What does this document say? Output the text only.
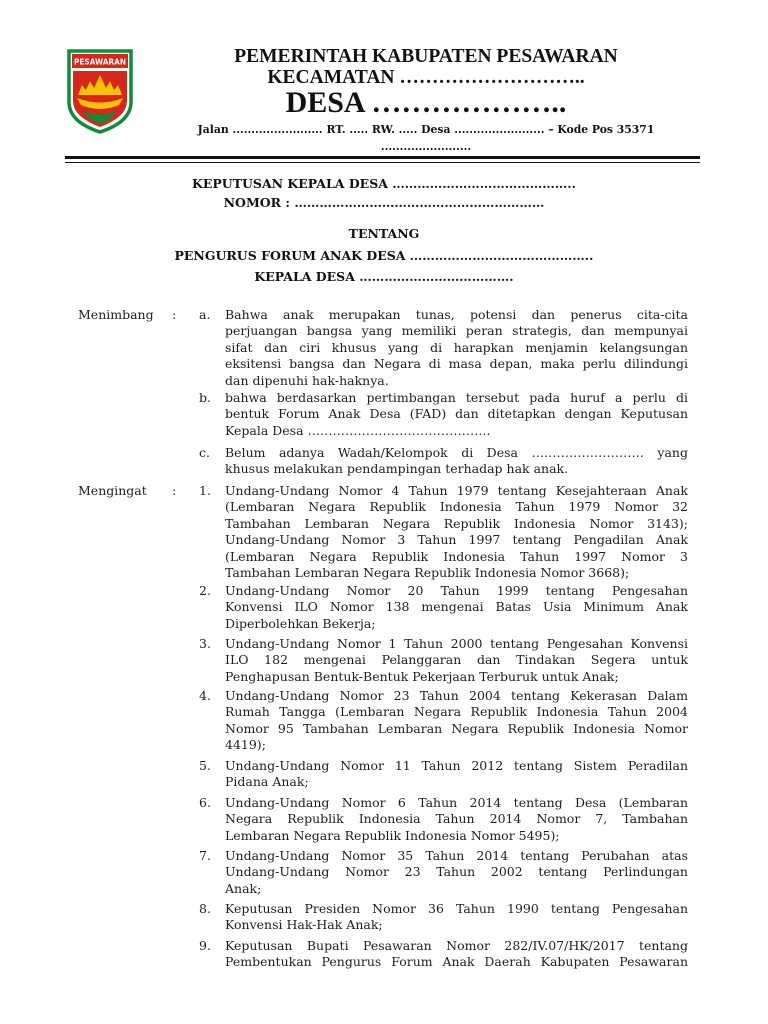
PESAWARAN	PEMERINTAH KABUPATEN PESAWARAN
KECAMATAN ………………………..
DESA ………………..
Jalan ........................ RT. ..... RW. ..... Desa ........................ – Kode Pos 35371
........................
KEPUTUSAN KEPALA DESA ……………………………………..
NOMOR : ……………………………………………………
TENTANG
PENGURUS FORUM ANAK DESA ……………………………………..
KEPALA DESA ……………………………….
Menimbang : a. Bahwa anak merupakan tunas, potensi dan penerus cita-cita
perjuangan bangsa yang memiliki peran strategis, dan mempunyai
sifat dan ciri khusus yang di harapkan menjamin kelangsungan
eksitensi bangsa dan Negara di masa depan, maka perlu dilindungi
dan dipenuhi hak-haknya.
b. bahwa berdasarkan pertimbangan tersebut pada huruf a perlu di
bentuk Forum Anak Desa (FAD) dan ditetapkan dengan Keputusan
Kepala Desa ……………………………………..
c. Belum adanya Wadah/Kelompok di Desa ……………………… yang
khusus melakukan pendampingan terhadap hak anak.
Mengingat : 1. Undang-Undang Nomor 4 Tahun 1979 tentang Kesejahteraan Anak
(Lembaran Negara Republik Indonesia Tahun 1979 Nomor 32
Tambahan Lembaran Negara Republik Indonesia Nomor 3143);
Undang-Undang Nomor 3 Tahun 1997 tentang Pengadilan Anak
(Lembaran Negara Republik Indonesia Tahun 1997 Nomor 3
Tambahan Lembaran Negara Republik Indonesia Nomor 3668);
2. Undang-Undang Nomor 20 Tahun 1999 tentang Pengesahan
Konvensi ILO Nomor 138 mengenai Batas Usia Minimum Anak
Diperbolehkan Bekerja;
3. Undang-Undang Nomor 1 Tahun 2000 tentang Pengesahan Konvensi
ILO 182 mengenai Pelanggaran dan Tindakan Segera untuk
Penghapusan Bentuk-Bentuk Pekerjaan Terburuk untuk Anak;
4. Undang-Undang Nomor 23 Tahun 2004 tentang Kekerasan Dalam
Rumah Tangga (Lembaran Negara Republik Indonesia Tahun 2004
Nomor 95 Tambahan Lembaran Negara Republik Indonesia Nomor
4419);
5. Undang-Undang Nomor 11 Tahun 2012 tentang Sistem Peradilan
Pidana Anak;
6. Undang-Undang Nomor 6 Tahun 2014 tentang Desa (Lembaran
Negara Republik Indonesia Tahun 2014 Nomor 7, Tambahan
Lembaran Negara Republik Indonesia Nomor 5495);
7. Undang-Undang Nomor 35 Tahun 2014 tentang Perubahan atas
Undang-Undang Nomor 23 Tahun 2002 tentang Perlindungan
Anak;
8. Keputusan Presiden Nomor 36 Tahun 1990 tentang Pengesahan
Konvensi Hak-Hak Anak;
9. Keputusan Bupati Pesawaran Nomor 282/IV.07/HK/2017 tentang
Pembentukan Pengurus Forum Anak Daerah Kabupaten Pesawaran
